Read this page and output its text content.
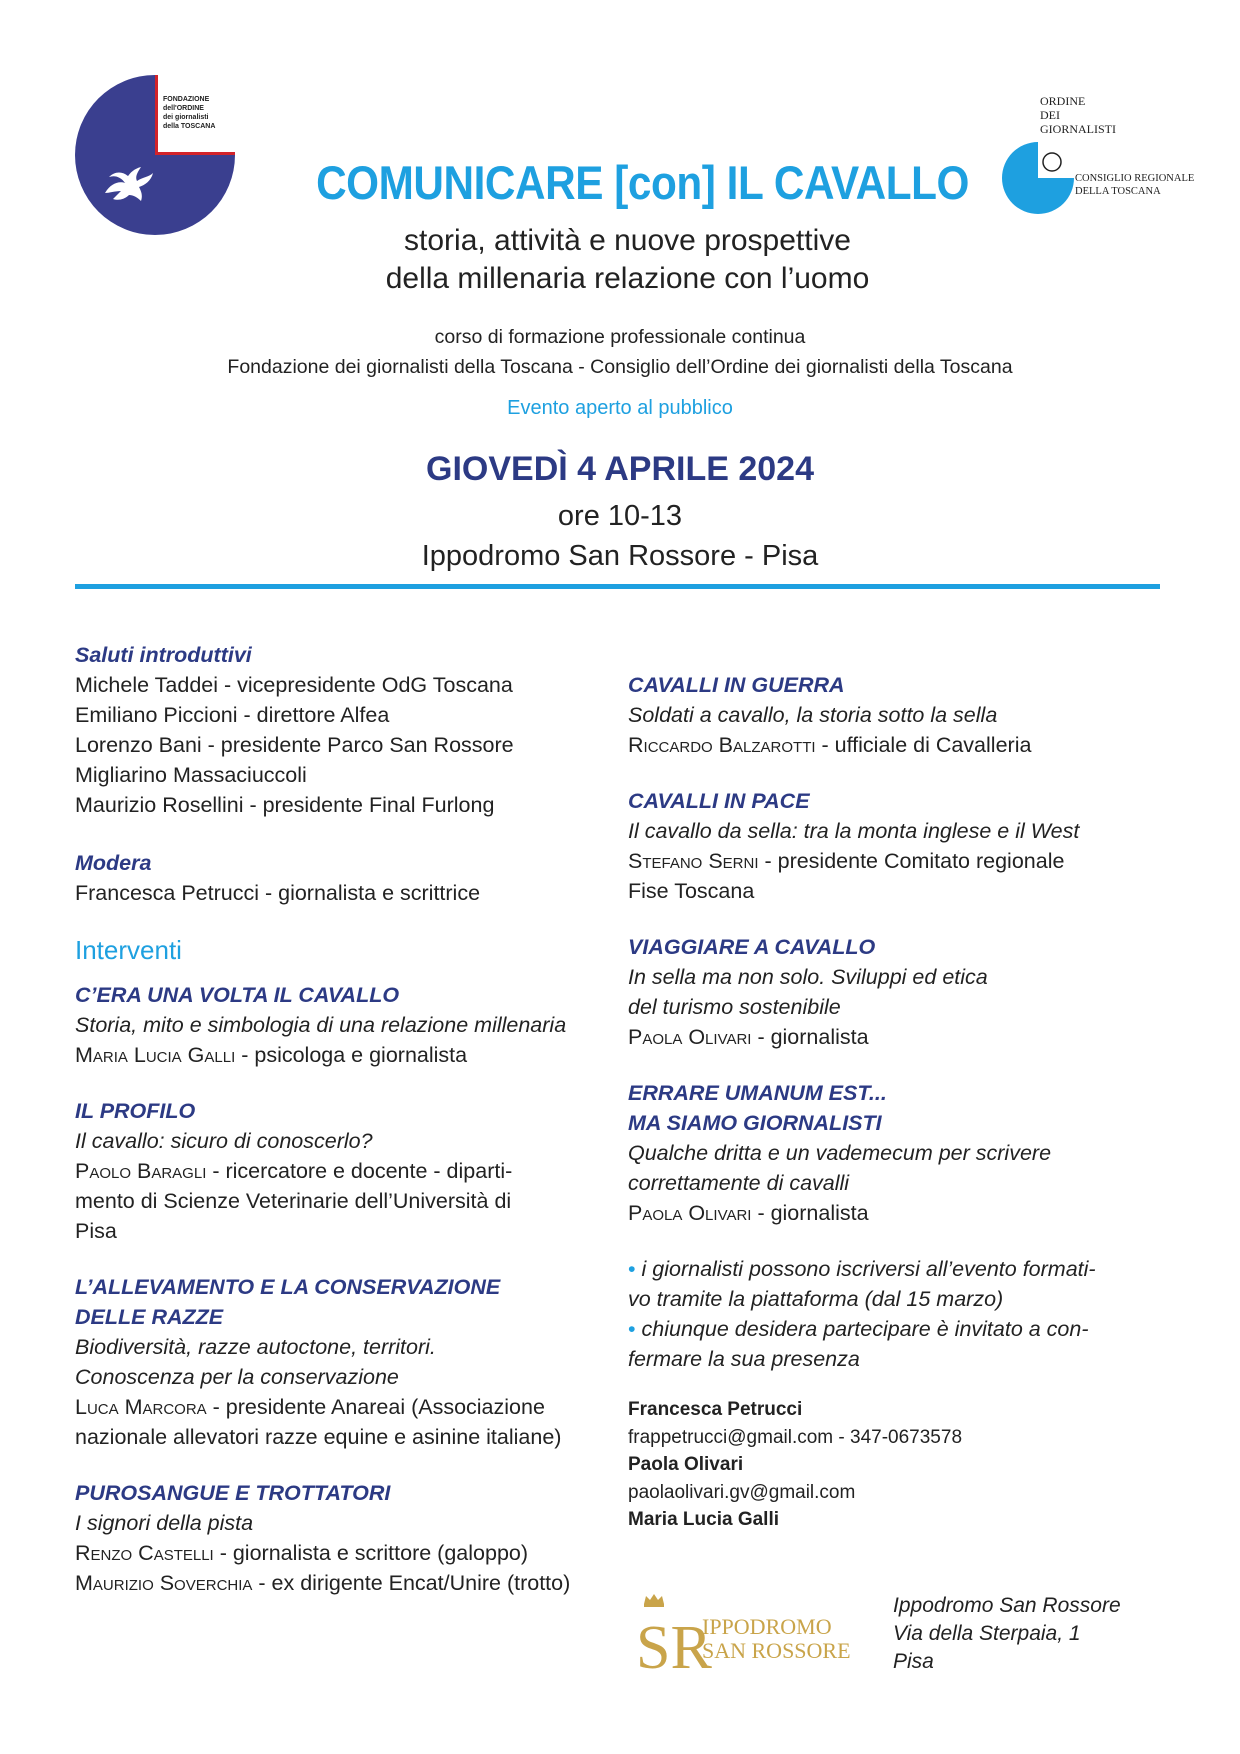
FONDAZIONE
dell'ORDINE
dei giornalisti
della TOSCANA
ORDINE
DEI
GIORNALISTI
CONSIGLIO REGIONALE
DELLA TOSCANA
COMUNICARE [con] IL CAVALLO
storia, attività e nuove prospettive
della millenaria relazione con l’uomo
corso di formazione professionale continua
Fondazione dei giornalisti della Toscana - Consiglio dell’Ordine dei giornalisti della Toscana
Evento aperto al pubblico
GIOVEDÌ 4 APRILE 2024
ore 10-13
Ippodromo San Rossore - Pisa
Saluti introduttivi
Michele Taddei - vicepresidente OdG Toscana
Emiliano Piccioni - direttore Alfea
Lorenzo Bani - presidente Parco San Rossore
Migliarino Massaciuccoli
Maurizio Rosellini - presidente Final Furlong
Modera
Francesca Petrucci - giornalista e scrittrice
Interventi
C’ERA UNA VOLTA IL CAVALLO
Storia, mito e simbologia di una relazione millenaria
Maria Lucia Galli - psicologa e giornalista
IL PROFILO
Il cavallo: sicuro di conoscerlo?
Paolo Baragli - ricercatore e docente - diparti-
mento di Scienze Veterinarie dell’Università di
Pisa
L’ALLEVAMENTO E LA CONSERVAZIONE
DELLE RAZZE
Biodiversità, razze autoctone, territori.
Conoscenza per la conservazione
Luca Marcora - presidente Anareai (Associazione
nazionale allevatori razze equine e asinine italiane)
PUROSANGUE E TROTTATORI
I signori della pista
Renzo Castelli - giornalista e scrittore (galoppo)
Maurizio Soverchia - ex dirigente Encat/Unire (trotto)
CAVALLI IN GUERRA
Soldati a cavallo, la storia sotto la sella
Riccardo Balzarotti - ufficiale di Cavalleria
CAVALLI IN PACE
Il cavallo da sella: tra la monta inglese e il West
Stefano Serni - presidente Comitato regionale
Fise Toscana
VIAGGIARE A CAVALLO
In sella ma non solo. Sviluppi ed etica
del turismo sostenibile
Paola Olivari - giornalista
ERRARE UMANUM EST...
MA SIAMO GIORNALISTI
Qualche dritta e un vademecum per scrivere
correttamente di cavalli
Paola Olivari - giornalista
• i giornalisti possono iscriversi all’evento formati-
vo tramite la piattaforma (dal 15 marzo)
• chiunque desidera partecipare è invitato a con-
fermare la sua presenza
Francesca Petrucci
frappetrucci@gmail.com - 347-0673578
Paola Olivari
paolaolivari.gv@gmail.com
Maria Lucia Galli
SR
IPPODROMO
SAN ROSSORE
Ippodromo San Rossore
Via della Sterpaia, 1
Pisa
